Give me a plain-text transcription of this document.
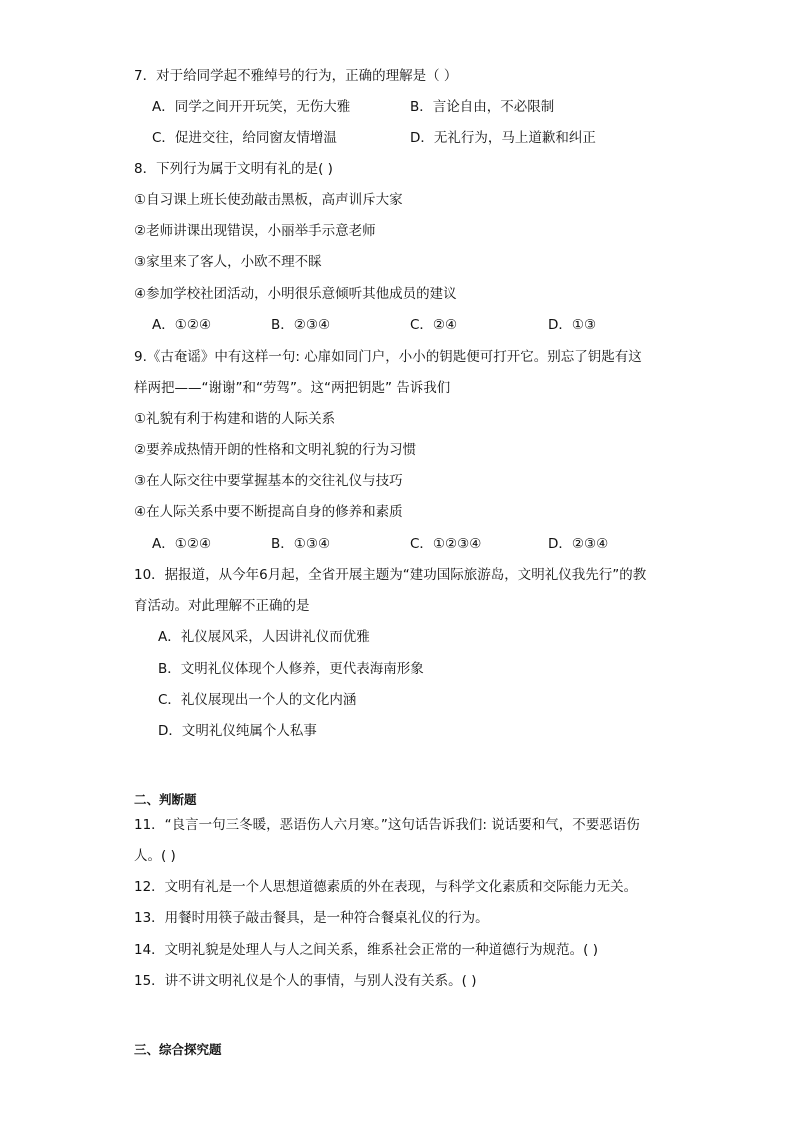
7．对于给同学起不雅绰号的行为，正确的理解是（ ）
A．同学之间开开玩笑，无伤大雅	B．言论自由，不必限制
C．促进交往，给同窗友情增温	D．无礼行为，马上道歉和纠正
8．下列行为属于文明有礼的是( )
①自习课上班长使劲敲击黑板，高声训斥大家
②老师讲课出现错误，小丽举手示意老师
③家里来了客人，小欧不理不睬
④参加学校社团活动，小明很乐意倾听其他成员的建议
A．①②④	B．②③④	C．②④	D．①③
9.《古奄谣》中有这样一句: 心扉如同门户，小小的钥匙便可打开它。别忘了钥匙有这
样两把——“谢谢”和“劳驾”。这“两把钥匙” 告诉我们
①礼貌有利于构建和谐的人际关系
②要养成热情开朗的性格和文明礼貌的行为习惯
③在人际交往中要掌握基本的交往礼仪与技巧
④在人际关系中要不断提高自身的修养和素质
A．①②④	B．①③④	C．①②③④	D．②③④
10．据报道，从今年6月起，全省开展主题为“建功国际旅游岛，文明礼仪我先行”的教
育活动。对此理解不正确的是
A．礼仪展风采，人因讲礼仪而优雅
B．文明礼仪体现个人修养，更代表海南形象
C．礼仪展现出一个人的文化内涵
D．文明礼仪纯属个人私事
二、判断题
11．“良言一句三冬暖，恶语伤人六月寒。”这句话告诉我们: 说话要和气，不要恶语伤
人。( )
12．文明有礼是一个人思想道德素质的外在表现，与科学文化素质和交际能力无关。
13．用餐时用筷子敲击餐具，是一种符合餐桌礼仪的行为。
14．文明礼貌是处理人与人之间关系，维系社会正常的一种道德行为规范。( )
15．讲不讲文明礼仪是个人的事情，与别人没有关系。( )
三、综合探究题
